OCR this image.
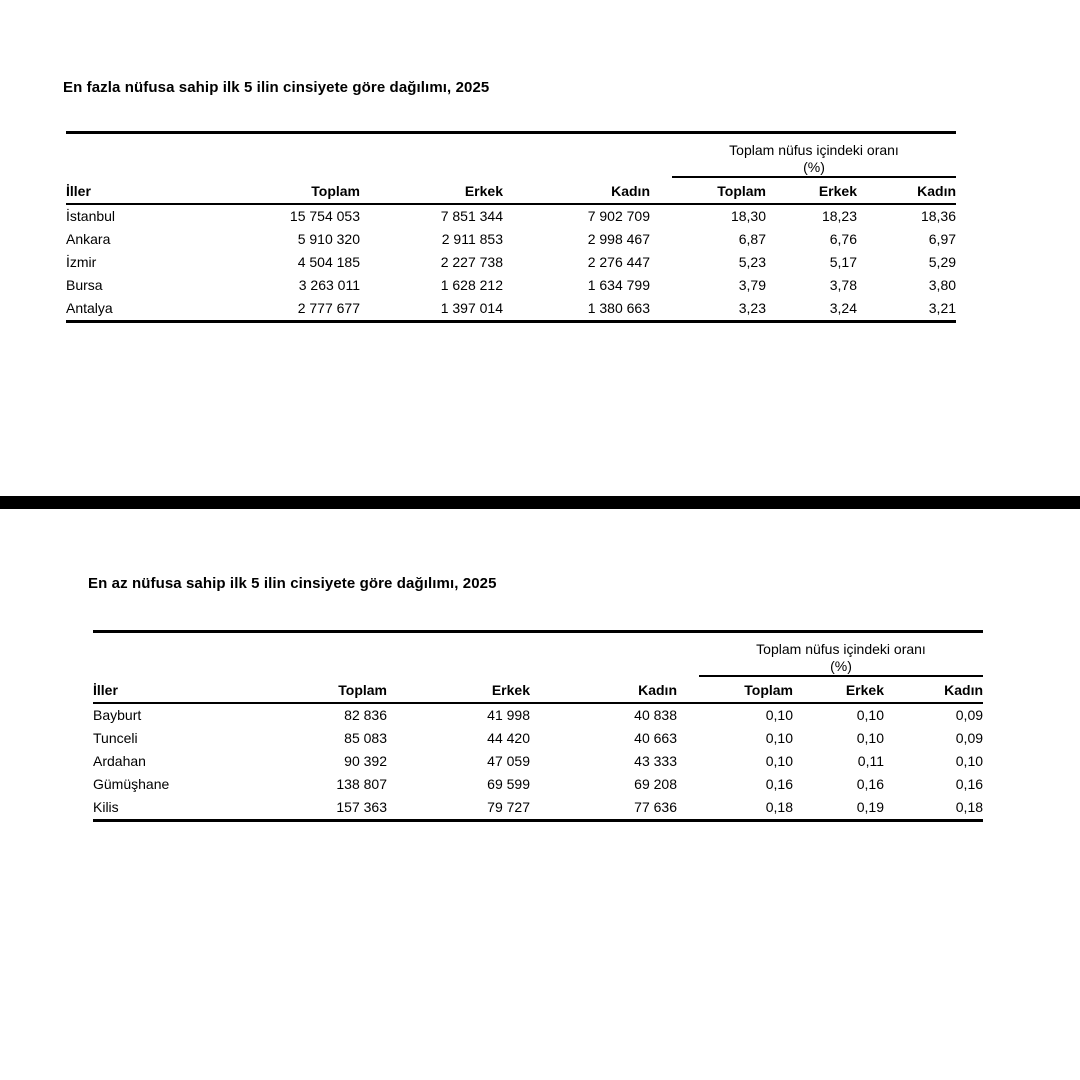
En fazla nüfusa sahip ilk 5 ilin cinsiyete göre dağılımı, 2025

				Toplam nüfus içindeki oranı
(%)		

İller	Toplam	Erkek	Kadın	Toplam	Erkek	Kadın
İstanbul	15 754 053	7 851 344	7 902 709	18,30	18,23	18,36
Ankara	5 910 320	2 911 853	2 998 467	6,87	6,76	6,97
İzmir	4 504 185	2 227 738	2 276 447	5,23	5,17	5,29
Bursa	3 263 011	1 628 212	1 634 799	3,79	3,78	3,80
Antalya	2 777 677	1 397 014	1 380 663	3,23	3,24	3,21
En az nüfusa sahip ilk 5 ilin cinsiyete göre dağılımı, 2025

				Toplam nüfus içindeki oranı
(%)		

İller	Toplam	Erkek	Kadın	Toplam	Erkek	Kadın
Bayburt	82 836	41 998	40 838	0,10	0,10	0,09
Tunceli	85 083	44 420	40 663	0,10	0,10	0,09
Ardahan	90 392	47 059	43 333	0,10	0,11	0,10
Gümüşhane	138 807	69 599	69 208	0,16	0,16	0,16
Kilis	157 363	79 727	77 636	0,18	0,19	0,18
